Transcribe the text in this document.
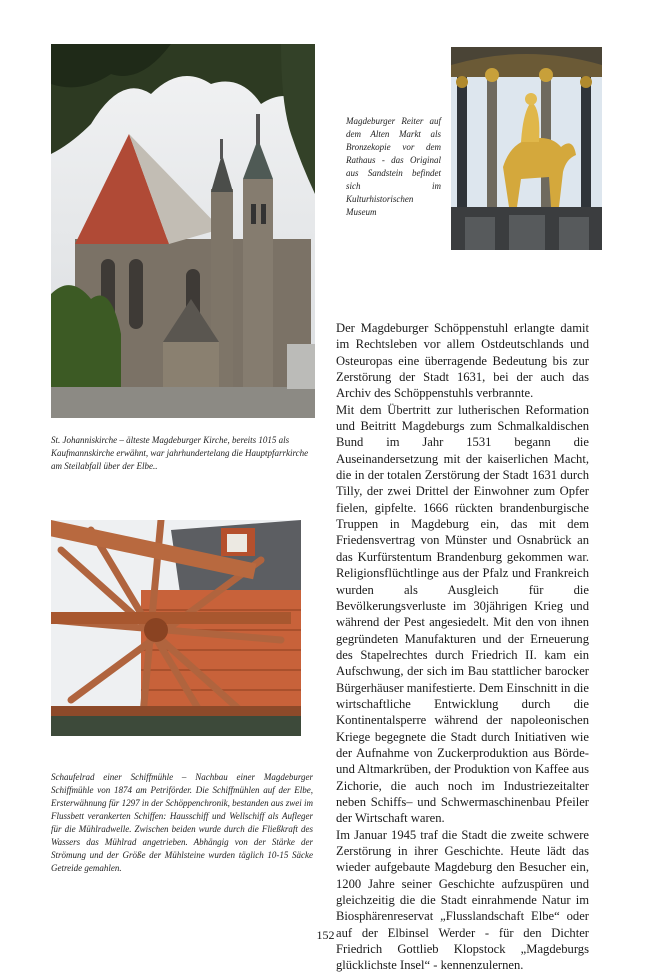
Magdeburger Reiter auf dem Alten Markt als Bronzekopie vor dem Rathaus - das Original aus Sandstein befindet sich im Kulturhistorischen Museum

St. Johanniskirche – älteste Magdeburger Kirche, bereits 1015 als Kaufmannskirche erwähnt, war jahrhundertelang die Hauptpfarrkirche am Steilabfall über der Elbe..

Schaufelrad einer Schiffmühle – Nachbau einer Magdeburger Schiffmühle von 1874 am Petriförder. Die Schiffmühlen auf der Elbe, Ersterwähnung für 1297 in der Schöppenchronik, bestanden aus zwei im Flussbett verankerten Schiffen: Hausschiff und Wellschiff als Aufleger für die Mühlradwelle. Zwischen beiden wurde durch die Fließkraft des Wassers das Mühlrad angetrieben. Abhängig von der Stärke der Strömung und der Größe der Mühlsteine wurden täglich 10-15 Säcke Getreide gemahlen.

Der Magdeburger Schöppenstuhl erlangte damit im Rechtsleben vor allem Ostdeutschlands und Osteuropas eine überragende Bedeutung bis zur Zerstörung der Stadt 1631, bei der auch das Archiv des Schöppenstuhls verbrannte.

Mit dem Übertritt zur lutherischen Reformation und Beitritt Magdeburgs zum Schmalkaldischen Bund im Jahr 1531 begann die Auseinandersetzung mit der kaiserlichen Macht, die in der totalen Zerstörung der Stadt 1631 durch Tilly, der zwei Drittel der Einwohner zum Opfer fielen, gipfelte. 1666 rückten brandenburgische Truppen in Magdeburg ein, das mit dem Friedensvertrag von Münster und Osnabrück an das Kurfürstentum Brandenburg gekommen war. Religionsflüchtlinge aus der Pfalz und Frankreich wurden als Ausgleich für die Bevölkerungsverluste im 30jährigen Krieg und während der Pest angesiedelt. Mit den von ihnen gegründeten Manufakturen und der Erneuerung des Stapelrechtes durch Friedrich II. kam ein Aufschwung, der sich im Bau stattlicher barocker Bürgerhäuser manifestierte. Dem Einschnitt in die wirtschaftliche Entwicklung durch die Kontinentalsperre während der napoleonischen Kriege begegnete die Stadt durch Initiativen wie der Aufnahme von Zuckerproduktion aus Börde- und Altmarkrüben, der Produktion von Kaffee aus Zichorie, die auch noch im Industriezeitalter neben Schiffs– und Schwermaschinenbau Pfeiler der Wirtschaft waren.

Im Januar 1945 traf die Stadt die zweite schwere Zerstörung in ihrer Geschichte. Heute lädt das wieder aufgebaute Magdeburg den Besucher ein, 1200 Jahre seiner Geschichte aufzuspüren und gleichzeitig die die Stadt einrahmende Natur im Biosphärenreservat „Flusslandschaft Elbe“ oder auf der Elbinsel Werder - für den Dichter Friedrich Gottlieb Klopstock „Magdeburgs glücklichste Insel“ - kennenzulernen.

152
